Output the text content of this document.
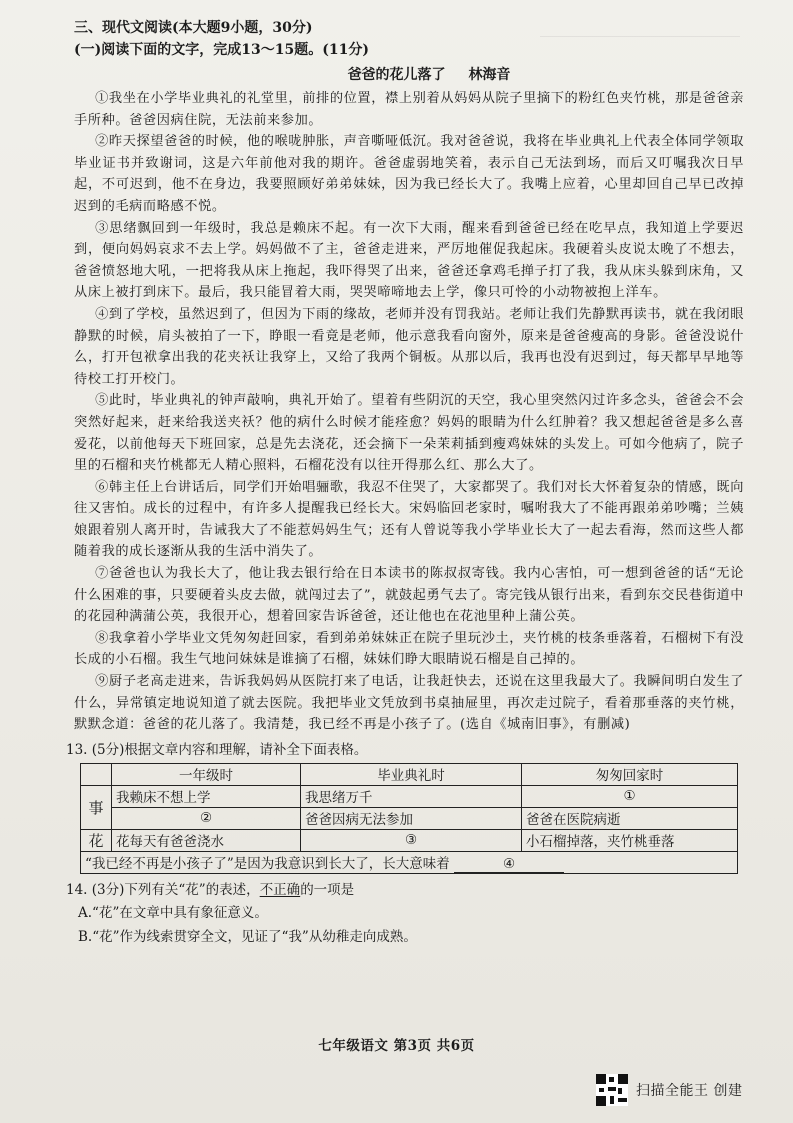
三、现代文阅读(本大题9小题，30分)

(一)阅读下面的文字，完成13～15题。(11分)

爸爸的花儿落了 林海音

①我坐在小学毕业典礼的礼堂里，前排的位置，襟上别着从妈妈从院子里摘下的粉红色夹竹桃，那是爸爸亲手所种。爸爸因病住院，无法前来参加。

②昨天探望爸爸的时候，他的喉咙肿胀，声音嘶哑低沉。我对爸爸说，我将在毕业典礼上代表全体同学领取毕业证书并致谢词，这是六年前他对我的期许。爸爸虚弱地笑着，表示自己无法到场，而后又叮嘱我次日早起，不可迟到，他不在身边，我要照顾好弟弟妹妹，因为我已经长大了。我嘴上应着，心里却回自己早已改掉迟到的毛病而略感不悦。

③思绪飘回到一年级时，我总是赖床不起。有一次下大雨，醒来看到爸爸已经在吃早点，我知道上学要迟到，便向妈妈哀求不去上学。妈妈做不了主，爸爸走进来，严厉地催促我起床。我硬着头皮说太晚了不想去，爸爸愤怒地大吼，一把将我从床上拖起，我吓得哭了出来，爸爸还拿鸡毛掸子打了我，我从床头躲到床角，又从床上被打到床下。最后，我只能冒着大雨，哭哭啼啼地去上学，像只可怜的小动物被抱上洋车。

④到了学校，虽然迟到了，但因为下雨的缘故，老师并没有罚我站。老师让我们先静默再读书，就在我闭眼静默的时候，肩头被拍了一下，睁眼一看竟是老师，他示意我看向窗外，原来是爸爸瘦高的身影。爸爸没说什么，打开包袱拿出我的花夹袄让我穿上，又给了我两个铜板。从那以后，我再也没有迟到过，每天都早早地等待校工打开校门。

⑤此时，毕业典礼的钟声敲响，典礼开始了。望着有些阴沉的天空，我心里突然闪过许多念头，爸爸会不会突然好起来，赶来给我送夹袄？他的病什么时候才能痊愈？妈妈的眼睛为什么红肿着？我又想起爸爸是多么喜爱花，以前他每天下班回家，总是先去浇花，还会摘下一朵茉莉插到瘦鸡妹妹的头发上。可如今他病了，院子里的石榴和夹竹桃都无人精心照料，石榴花没有以往开得那么红、那么大了。

⑥韩主任上台讲话后，同学们开始唱骊歌，我忍不住哭了，大家都哭了。我们对长大怀着复杂的情感，既向往又害怕。成长的过程中，有许多人提醒我已经长大。宋妈临回老家时，嘱咐我大了不能再跟弟弟吵嘴；兰姨娘跟着别人离开时，告诫我大了不能惹妈妈生气；还有人曾说等我小学毕业长大了一起去看海，然而这些人都随着我的成长逐渐从我的生活中消失了。

⑦爸爸也认为我长大了，他让我去银行给在日本读书的陈叔叔寄钱。我内心害怕，可一想到爸爸的话“无论什么困难的事，只要硬着头皮去做，就闯过去了”，就鼓起勇气去了。寄完钱从银行出来，看到东交民巷街道中的花园种满蒲公英，我很开心，想着回家告诉爸爸，还让他也在花池里种上蒲公英。

⑧我拿着小学毕业文凭匆匆赶回家，看到弟弟妹妹正在院子里玩沙土，夹竹桃的枝条垂落着，石榴树下有没长成的小石榴。我生气地问妹妹是谁摘了石榴，妹妹们睁大眼睛说石榴是自己掉的。

⑨厨子老高走进来，告诉我妈妈从医院打来了电话，让我赶快去，还说在这里我最大了。我瞬间明白发生了什么，异常镇定地说知道了就去医院。我把毕业文凭放到书桌抽屉里，再次走过院子，看着那垂落的夹竹桃，默默念道：爸爸的花儿落了。我清楚，我已经不再是小孩子了。(选自《城南旧事》，有删减)

13. (5分)根据文章内容和理解，请补全下面表格。

	一年级时	毕业典礼时	匆匆回家时
事	我赖床不想上学	我思绪万千	①
	②	爸爸因病无法参加	爸爸在医院病逝
花	花每天有爸爸浇水	③	小石榴掉落，夹竹桃垂落
“我已经不再是小孩子了”是因为我意识到长大了，长大意味着 ④			

14. (3分)下列有关“花”的表述，不正确的一项是

A.“花”在文章中具有象征意义。

B.“花”作为线索贯穿全文，见证了“我”从幼稚走向成熟。

七年级语文 第3页 共6页
扫描全能王 创建
